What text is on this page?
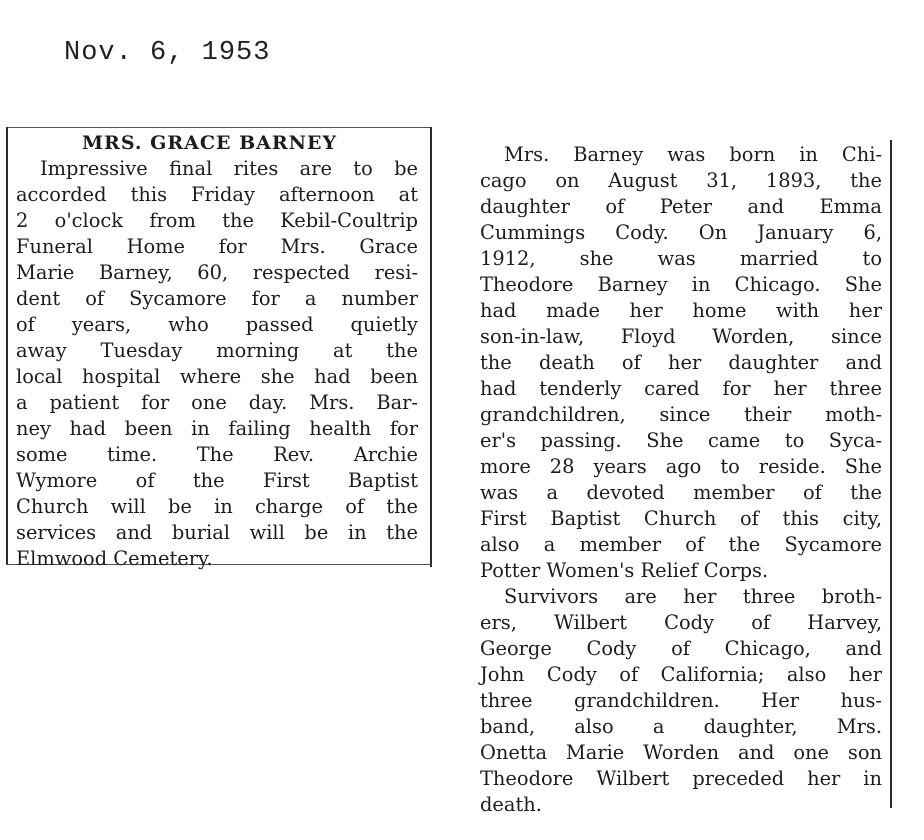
Nov. 6, 1953
MRS. GRACE BARNEY
Impressive final rites are to be
accorded this Friday afternoon at
2 o'clock from the Kebil-Coultrip
Funeral Home for Mrs. Grace
Marie Barney, 60, respected resi-
dent of Sycamore for a number
of years, who passed quietly
away Tuesday morning at the
local hospital where she had been
a patient for one day. Mrs. Bar-
ney had been in failing health for
some time. The Rev. Archie
Wymore of the First Baptist
Church will be in charge of the
services and burial will be in the
Elmwood Cemetery.
Mrs. Barney was born in Chi-
cago on August 31, 1893, the
daughter of Peter and Emma
Cummings Cody. On January 6,
1912, she was married to
Theodore Barney in Chicago. She
had made her home with her
son-in-law, Floyd Worden, since
the death of her daughter and
had tenderly cared for her three
grandchildren, since their moth-
er's passing. She came to Syca-
more 28 years ago to reside. She
was a devoted member of the
First Baptist Church of this city,
also a member of the Sycamore
Potter Women's Relief Corps.
Survivors are her three broth-
ers, Wilbert Cody of Harvey,
George Cody of Chicago, and
John Cody of California; also her
three grandchildren. Her hus-
band, also a daughter, Mrs.
Onetta Marie Worden and one son
Theodore Wilbert preceded her in
death.
